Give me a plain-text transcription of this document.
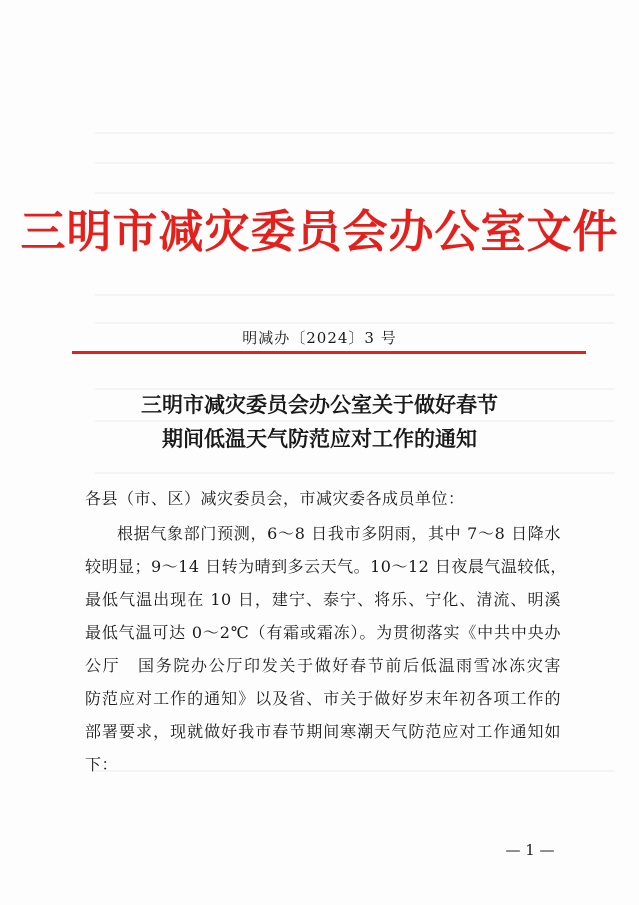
三明市减灾委员会办公室文件
明减办〔2024〕3 号
三明市减灾委员会办公室关于做好春节
期间低温天气防范应对工作的通知
各县（市、区）减灾委员会，市减灾委各成员单位：
根据气象部门预测，6～8 日我市多阴雨，其中 7～8 日降水
较明显；9～14 日转为晴到多云天气。10～12 日夜晨气温较低，
最低气温出现在 10 日，建宁、泰宁、将乐、宁化、清流、明溪
最低气温可达 0～2℃（有霜或霜冻）。为贯彻落实《中共中央办
公厅　国务院办公厅印发关于做好春节前后低温雨雪冰冻灾害
防范应对工作的通知》以及省、市关于做好岁末年初各项工作的
部署要求，现就做好我市春节期间寒潮天气防范应对工作通知如
下：
— 1 —
